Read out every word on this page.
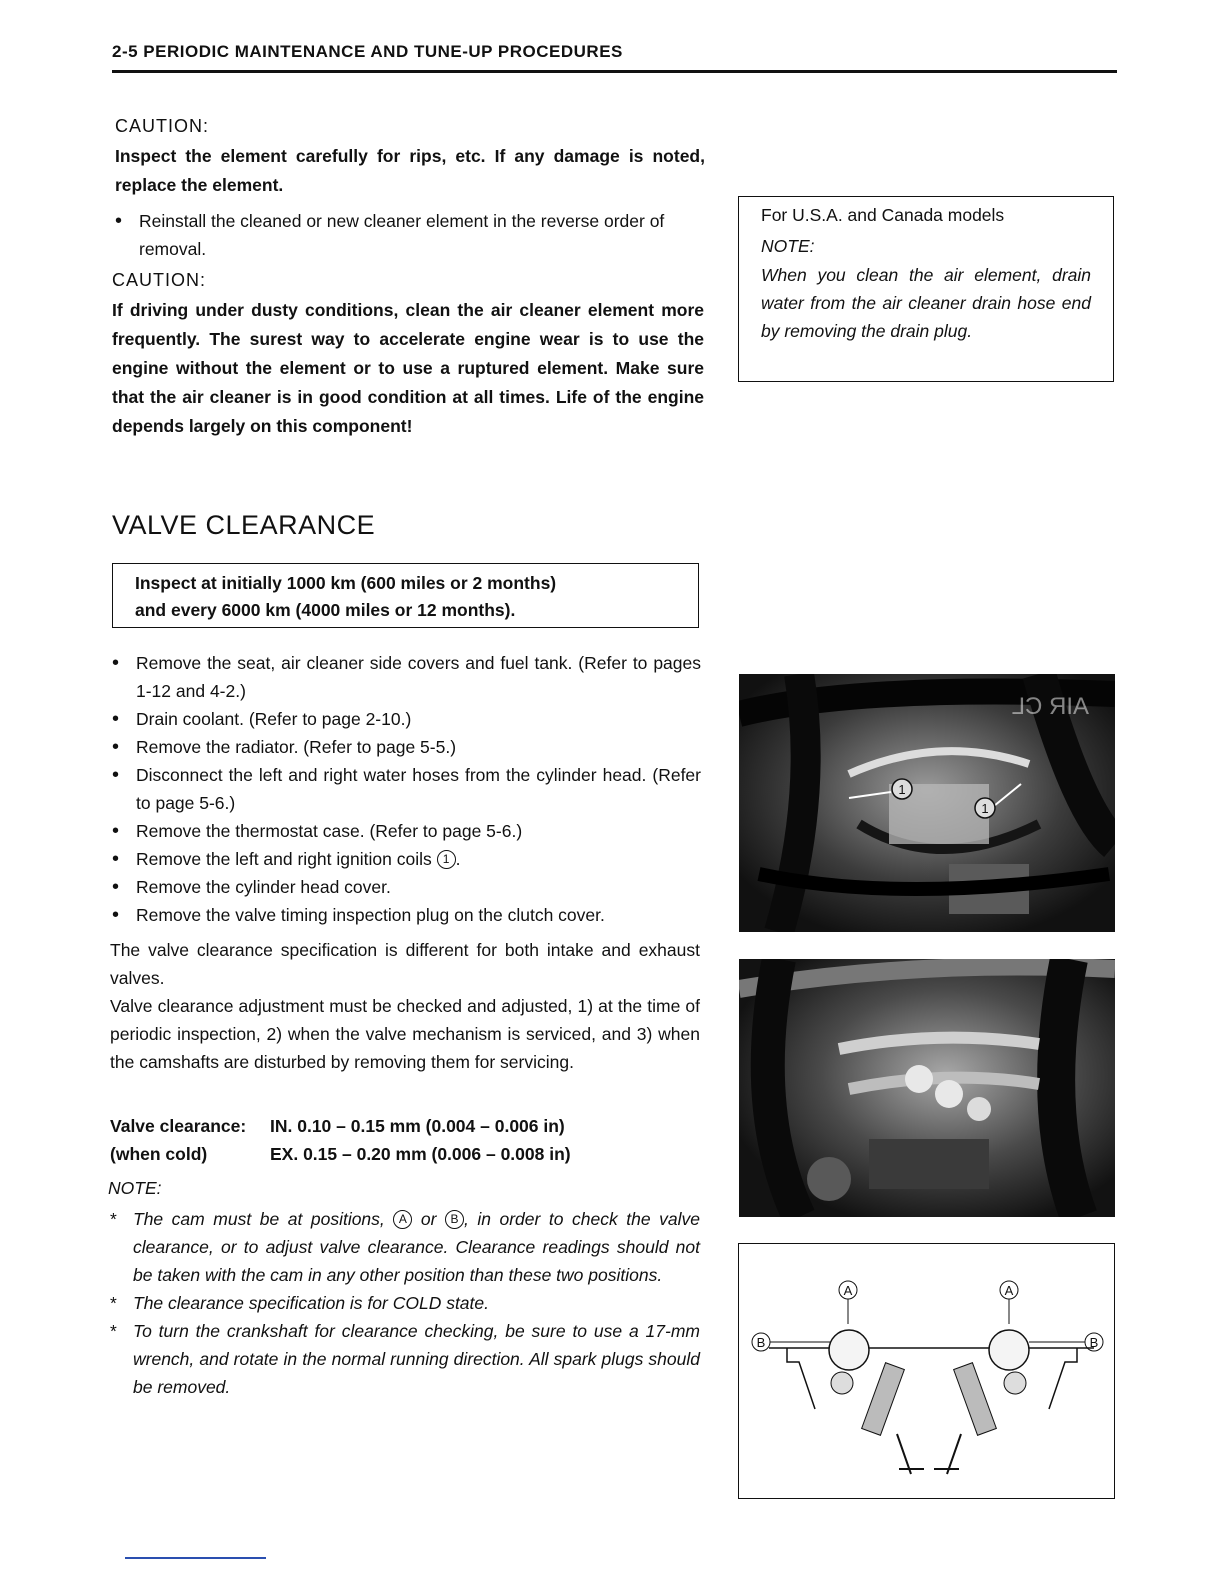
2-5 PERIODIC MAINTENANCE AND TUNE-UP PROCEDURES
CAUTION:
Inspect the element carefully for rips, etc. If any damage is noted, replace the element.
• Reinstall the cleaned or new cleaner element in the reverse order of removal.
CAUTION:
If driving under dusty conditions, clean the air cleaner element more frequently. The surest way to accelerate engine wear is to use the engine without the element or to use a ruptured element. Make sure that the air cleaner is in good condition at all times. Life of the engine depends largely on this component!
For U.S.A. and Canada models
NOTE:
When you clean the air element, drain water from the air cleaner drain hose end by removing the drain plug.
VALVE CLEARANCE
Inspect at initially 1000 km (600 miles or 2 months)
and every 6000 km (4000 miles or 12 months).
• Remove the seat, air cleaner side covers and fuel tank. (Refer to pages 1-12 and 4-2.)
• Drain coolant. (Refer to page 2-10.)
• Remove the radiator. (Refer to page 5-5.)
• Disconnect the left and right water hoses from the cylinder head. (Refer to page 5-6.)
• Remove the thermostat case. (Refer to page 5-6.)
• Remove the left and right ignition coils 1 .
• Remove the cylinder head cover.
• Remove the valve timing inspection plug on the clutch cover.
The valve clearance specification is different for both intake and exhaust valves.
Valve clearance adjustment must be checked and adjusted, 1) at the time of periodic inspection, 2) when the valve mechanism is serviced, and 3) when the camshafts are disturbed by removing them for servicing.
Valve clearance: IN. 0.10 – 0.15 mm (0.004 – 0.006 in)
(when cold)	EX. 0.15 – 0.20 mm (0.006 – 0.008 in)
NOTE:
* The cam must be at positions, A or B , in order to check the valve clearance, or to adjust valve clearance. Clearance readings should not be taken with the cam in any other position than these two positions.
* The clearance specification is for COLD state.
* To turn the crankshaft for clearance checking, be sure to use a 17-mm wrench, and rotate in the normal running direction. All spark plugs should be removed.
AIR CL
1
1
A	A
B	B
